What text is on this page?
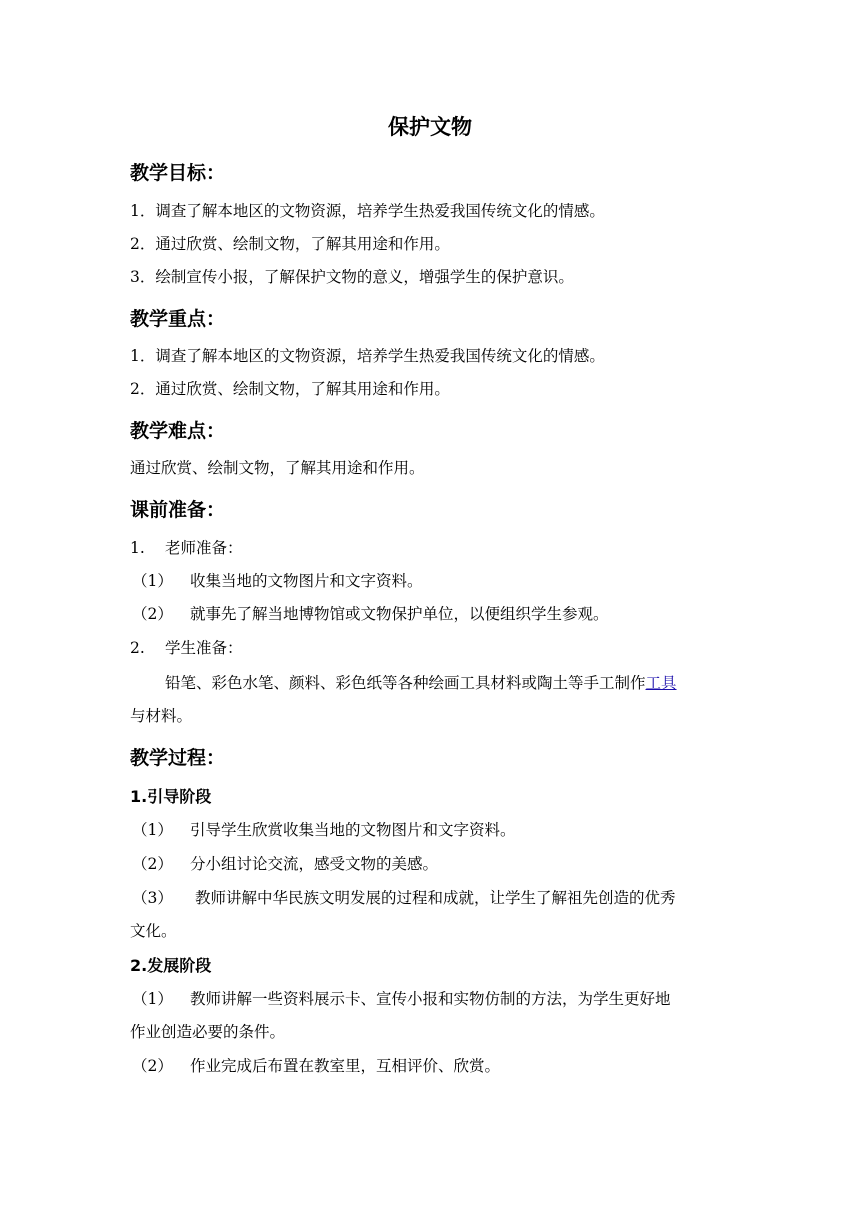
保护文物
教学目标：
1．调查了解本地区的文物资源，培养学生热爱我国传统文化的情感。
2．通过欣赏、绘制文物，了解其用途和作用。
3．绘制宣传小报，了解保护文物的意义，增强学生的保护意识。
教学重点：
1．调查了解本地区的文物资源，培养学生热爱我国传统文化的情感。
2．通过欣赏、绘制文物，了解其用途和作用。
教学难点：
通过欣赏、绘制文物，了解其用途和作用。
课前准备：
1. 老师准备：
（1） 收集当地的文物图片和文字资料。
（2） 就事先了解当地博物馆或文物保护单位，以便组织学生参观。
2. 学生准备：
铅笔、彩色水笔、颜料、彩色纸等各种绘画工具材料或陶土等手工制作工具
与材料。
教学过程：
1.引导阶段
（1） 引导学生欣赏收集当地的文物图片和文字资料。
（2） 分小组讨论交流，感受文物的美感。
（3） 教师讲解中华民族文明发展的过程和成就，让学生了解祖先创造的优秀
文化。
2.发展阶段
（1） 教师讲解一些资料展示卡、宣传小报和实物仿制的方法，为学生更好地
作业创造必要的条件。
（2） 作业完成后布置在教室里，互相评价、欣赏。
